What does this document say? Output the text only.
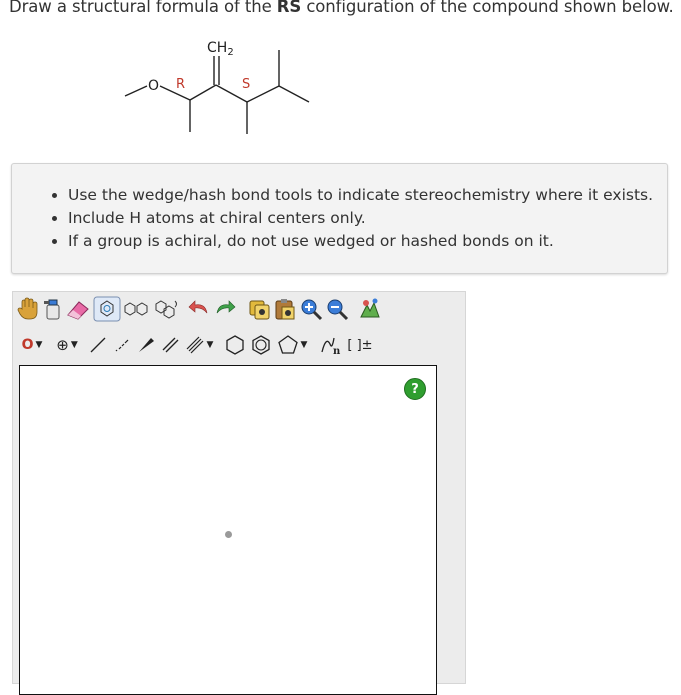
Draw a structural formula of the RS configuration of the compound shown below.
O R
$CH_2$
S
• Use the wedge/hash bond tools to indicate stereochemistry where it exists.
• Include H atoms at chiral centers only.
• If a group is achiral, do not use wedged or hashed bonds on it.
O ▼ ⊕ ▼	▼	▼
n [ ]±
?
